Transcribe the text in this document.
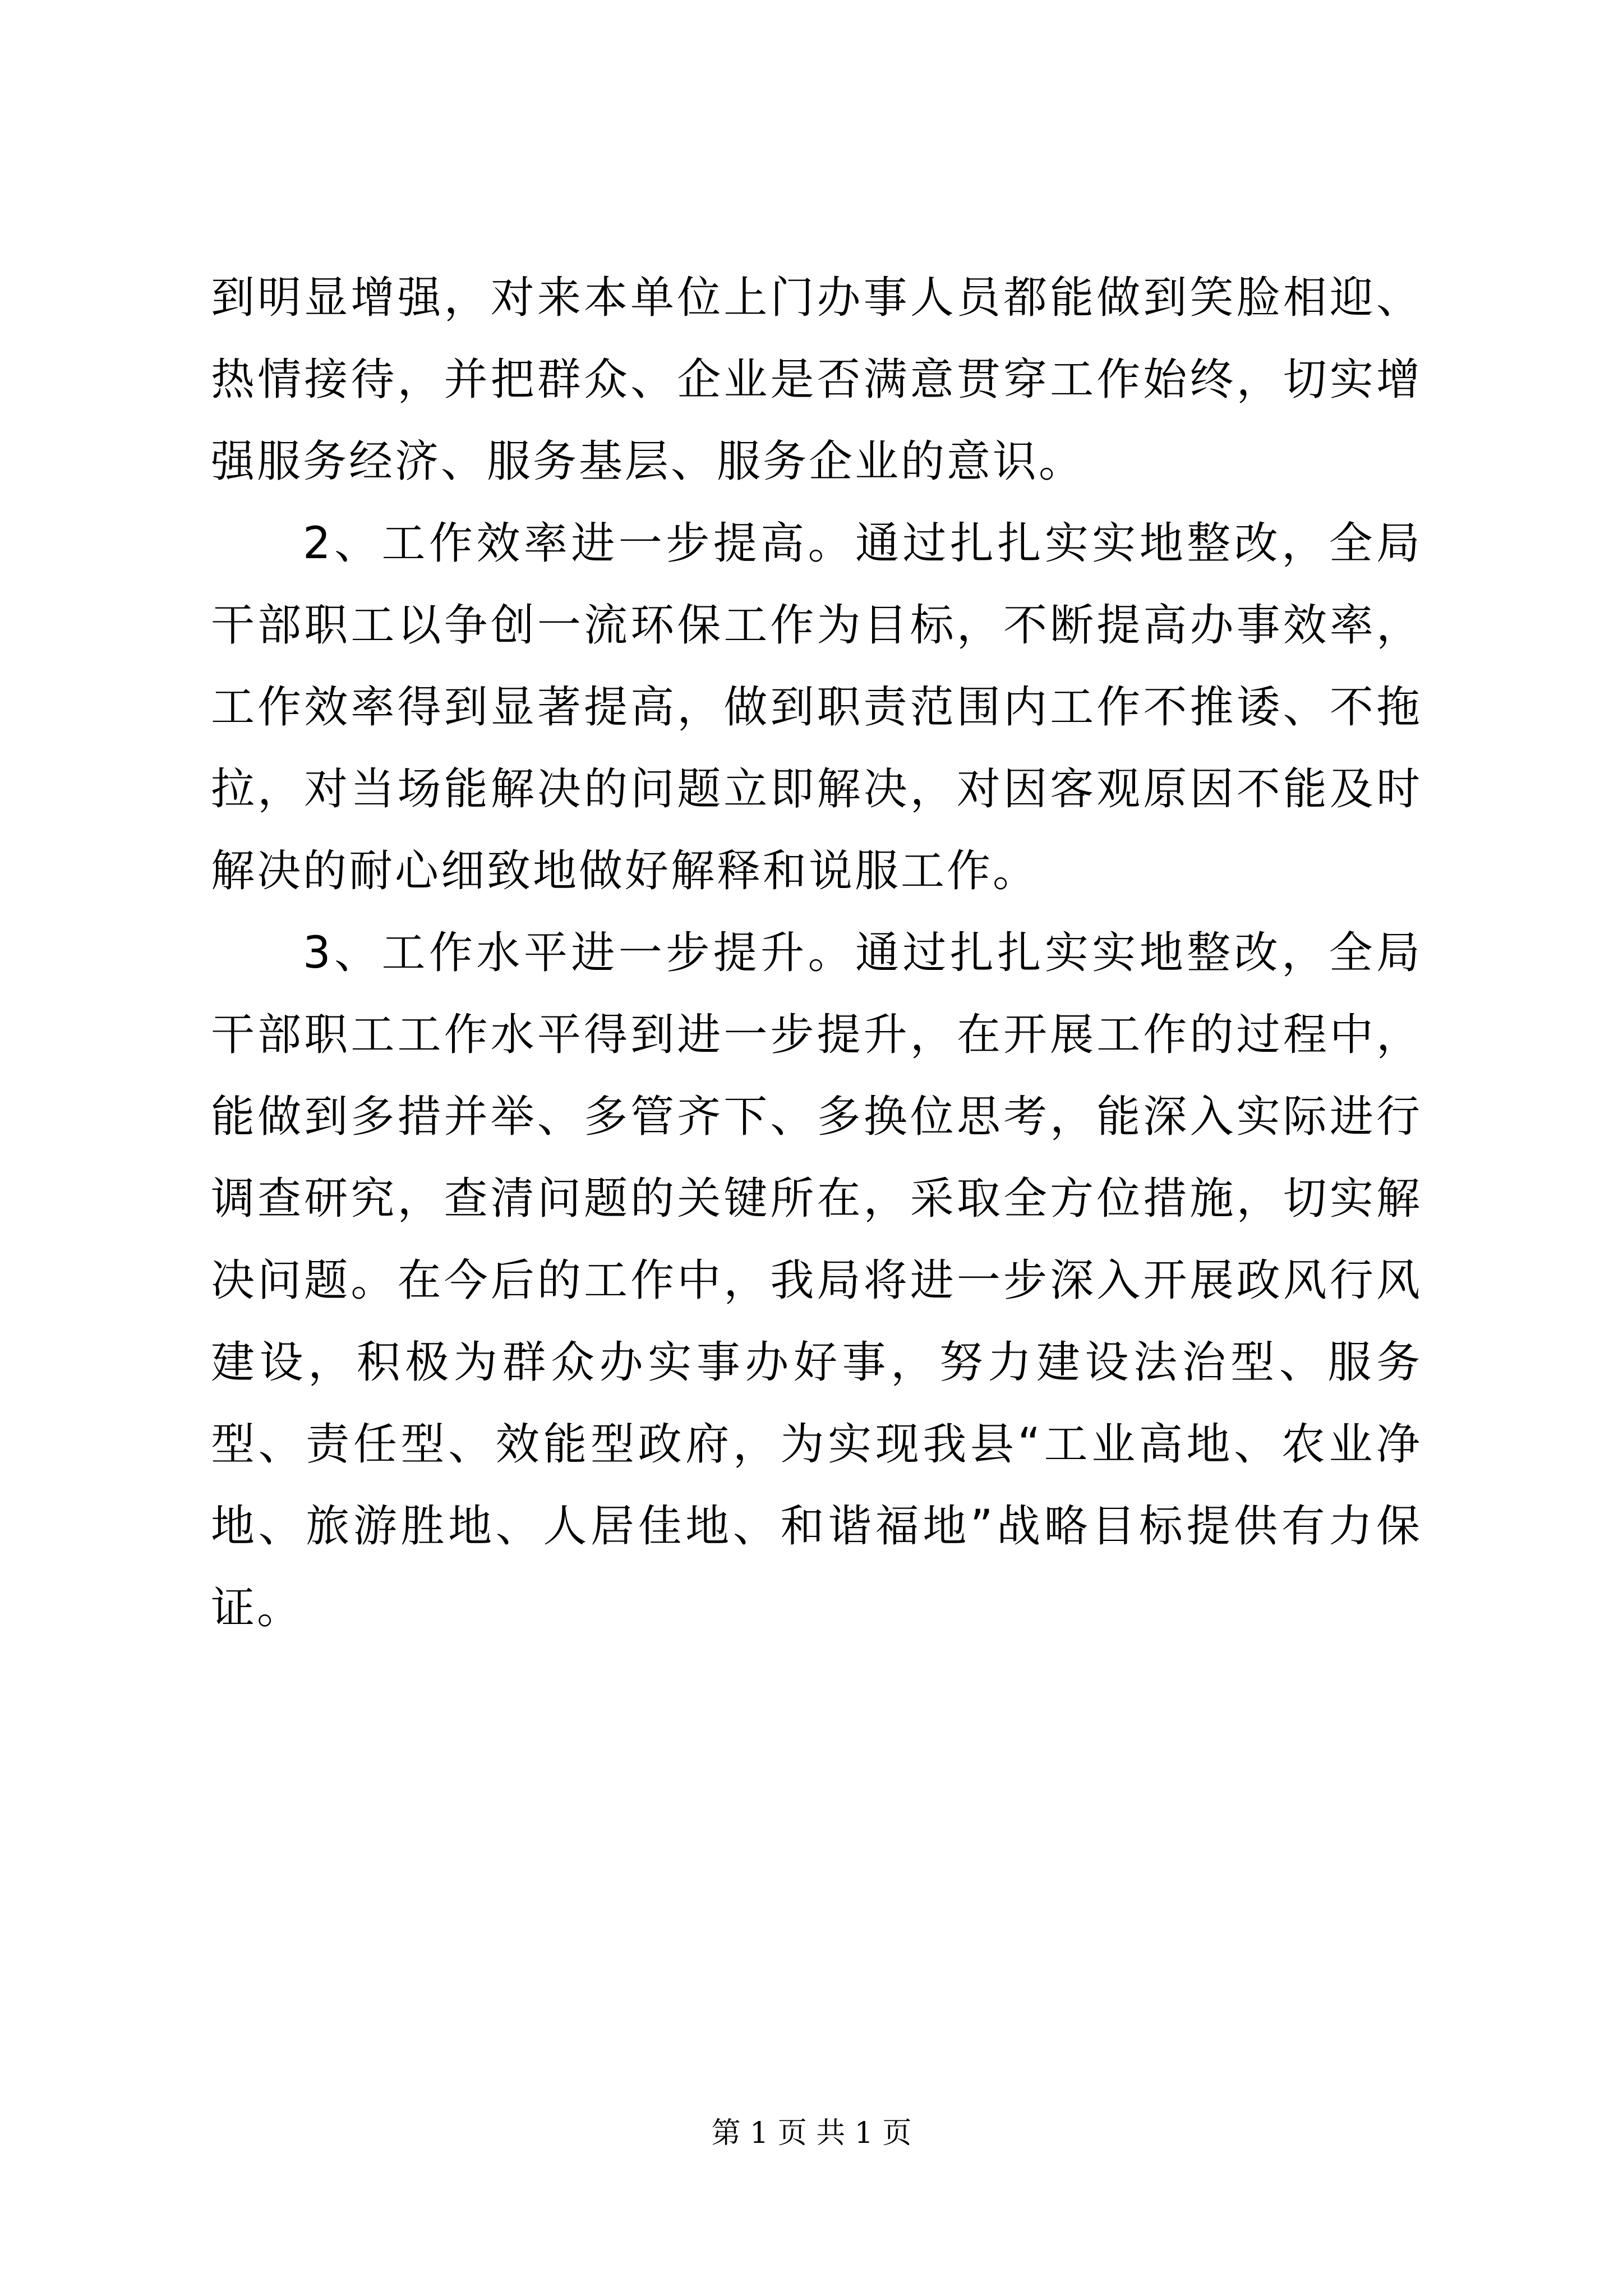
到明显增强，对来本单位上门办事人员都能做到笑脸相迎、热情接待，并把群众、企业是否满意贯穿工作始终，切实增强服务经济、服务基层、服务企业的意识。

2、工作效率进一步提高。通过扎扎实实地整改，全局干部职工以争创一流环保工作为目标，不断提高办事效率，工作效率得到显著提高，做到职责范围内工作不推诿、不拖拉，对当场能解决的问题立即解决，对因客观原因不能及时解决的耐心细致地做好解释和说服工作。

3、工作水平进一步提升。通过扎扎实实地整改，全局干部职工工作水平得到进一步提升，在开展工作的过程中，能做到多措并举、多管齐下、多换位思考，能深入实际进行调查研究，查清问题的关键所在，采取全方位措施，切实解决问题。在今后的工作中，我局将进一步深入开展政风行风建设，积极为群众办实事办好事，努力建设法治型、服务型、责任型、效能型政府，为实现我县“工业高地、农业净地、旅游胜地、人居佳地、和谐福地”战略目标提供有力保证。

第 1 页 共 1 页
